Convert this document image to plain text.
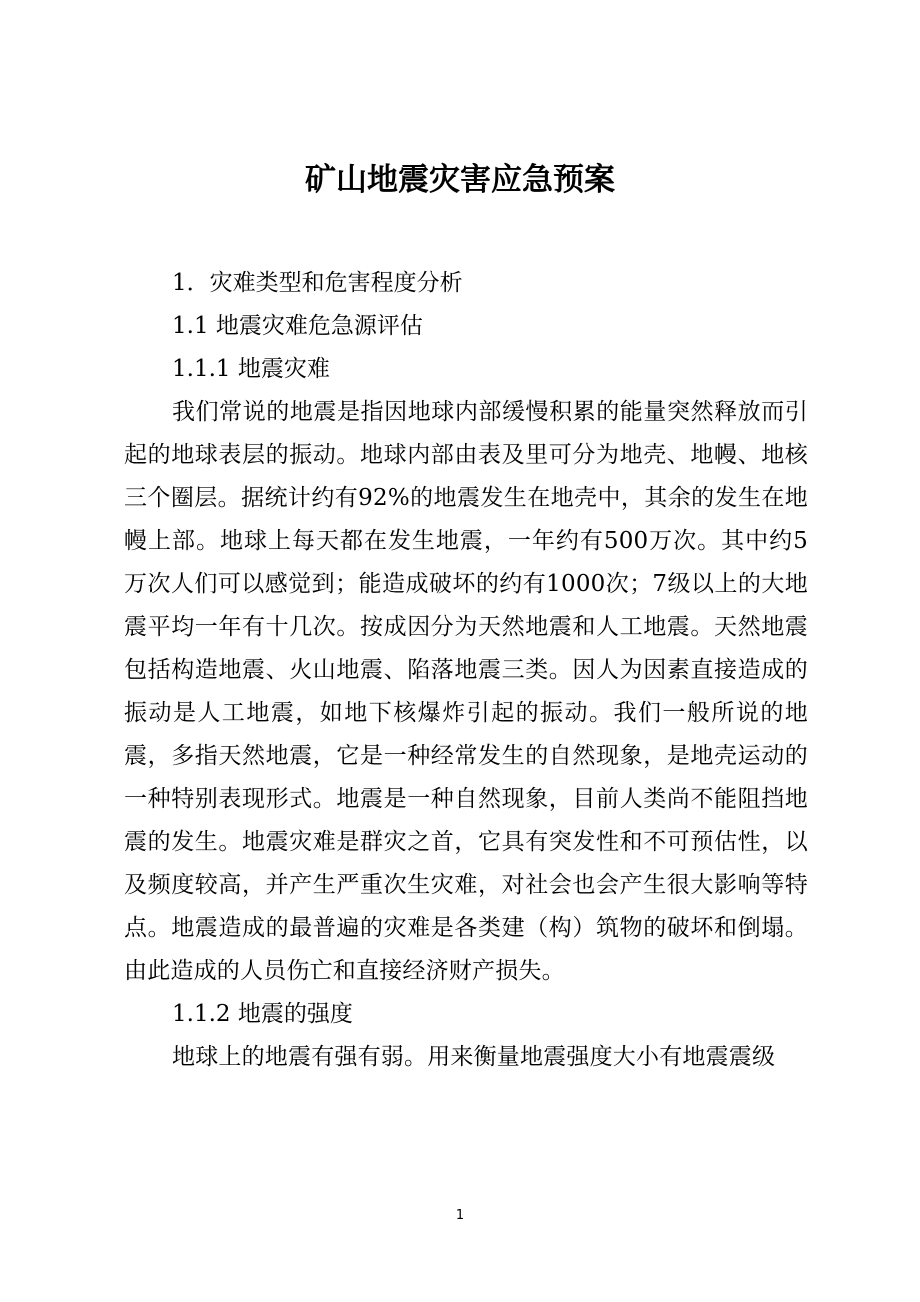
矿山地震灾害应急预案

1．灾难类型和危害程度分析

1.1 地震灾难危急源评估

1.1.1 地震灾难

我们常说的地震是指因地球内部缓慢积累的能量突然释放而引起的地球表层的振动。地球内部由表及里可分为地壳、地幔、地核三个圈层。据统计约有92%的地震发生在地壳中，其余的发生在地幔上部。地球上每天都在发生地震，一年约有500万次。其中约5万次人们可以感觉到；能造成破坏的约有1000次；7级以上的大地震平均一年有十几次。按成因分为天然地震和人工地震。天然地震包括构造地震、火山地震、陷落地震三类。因人为因素直接造成的振动是人工地震，如地下核爆炸引起的振动。我们一般所说的地震，多指天然地震，它是一种经常发生的自然现象，是地壳运动的一种特别表现形式。地震是一种自然现象，目前人类尚不能阻挡地震的发生。地震灾难是群灾之首，它具有突发性和不可预估性，以及频度较高，并产生严重次生灾难，对社会也会产生很大影响等特点。地震造成的最普遍的灾难是各类建（构）筑物的破坏和倒塌。由此造成的人员伤亡和直接经济财产损失。

1.1.2 地震的强度

地球上的地震有强有弱。用来衡量地震强度大小有地震震级

1
